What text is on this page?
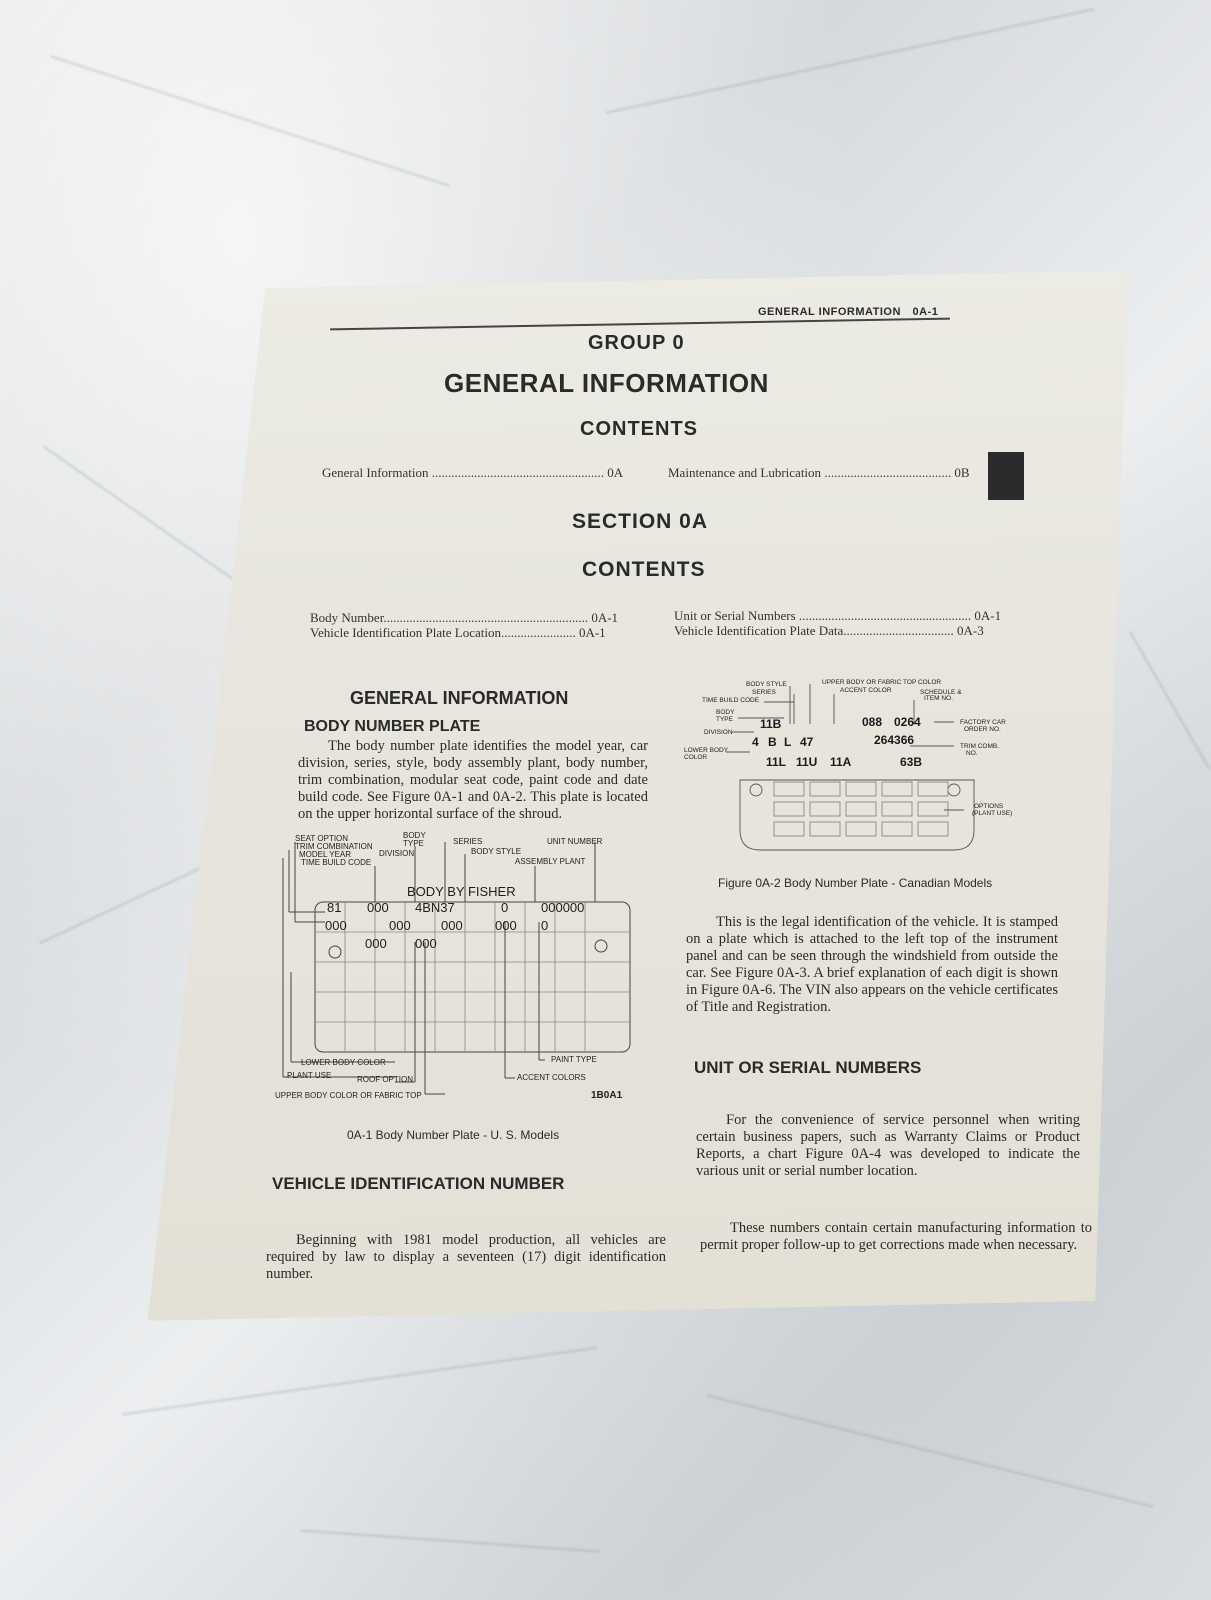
GENERAL INFORMATION 0A-1
GROUP 0
GENERAL INFORMATION
CONTENTS
General Information ..................................................... 0A	Maintenance and Lubrication ....................................... 0B
SECTION 0A
CONTENTS
Body Number............................................................... 0A-1
Vehicle Identification Plate Location....................... 0A-1
Unit or Serial Numbers ..................................................... 0A-1
Vehicle Identification Plate Data.................................. 0A-3
GENERAL INFORMATION
BODY NUMBER PLATE
The body number plate identifies the model year, car division, series, style, body assembly plant, body number, trim combination, modular seat code, paint code and date build code. See Figure 0A-1 and 0A-2. This plate is located on the upper horizontal surface of the shroud.
SEAT OPTION
TRIM COMBINATION
MODEL YEAR
TIME BUILD CODE
BODY
TYPE
DIVISION
SERIES
BODY STYLE
UNIT NUMBER
ASSEMBLY PLANT
LOWER BODY COLOR
PLANT USE	ROOF OPTION
UPPER BODY COLOR OR FABRIC TOP
PAINT TYPE
ACCENT COLORS
1B0A1
BODY BY FISHER
81 000 4BN37	0	000000
000	000 000 000 0
000 000
0A-1 Body Number Plate - U. S. Models
BODY STYLE
SERIES
TIME BUILD CODE
BODY
TYPE
DIVISION
LOWER BODY
COLOR
UPPER BODY OR FABRIC TOP COLOR
ACCENT COLOR	SCHEDULE &
ITEM NO.
FACTORY CAR
ORDER NO.
TRIM COMB.
NO.
OPTIONS
(PLANT USE)
11B
4 B L 47
088 0264
264366
11L 11U 11A	63B
Figure 0A-2 Body Number Plate - Canadian Models
This is the legal identification of the vehicle. It is stamped on a plate which is attached to the left top of the instrument panel and can be seen through the windshield from outside the car. See Figure 0A-3. A brief explanation of each digit is shown in Figure 0A-6. The VIN also appears on the vehicle certificates of Title and Registration.
UNIT OR SERIAL NUMBERS
For the convenience of service personnel when writing certain business papers, such as Warranty Claims or Product Reports, a chart Figure 0A-4 was developed to indicate the various unit or serial number location.
These numbers contain certain manufacturing information to permit proper follow-up to get corrections made when necessary.
VEHICLE IDENTIFICATION NUMBER
Beginning with 1981 model production, all vehicles are required by law to display a seventeen (17) digit identification number.
